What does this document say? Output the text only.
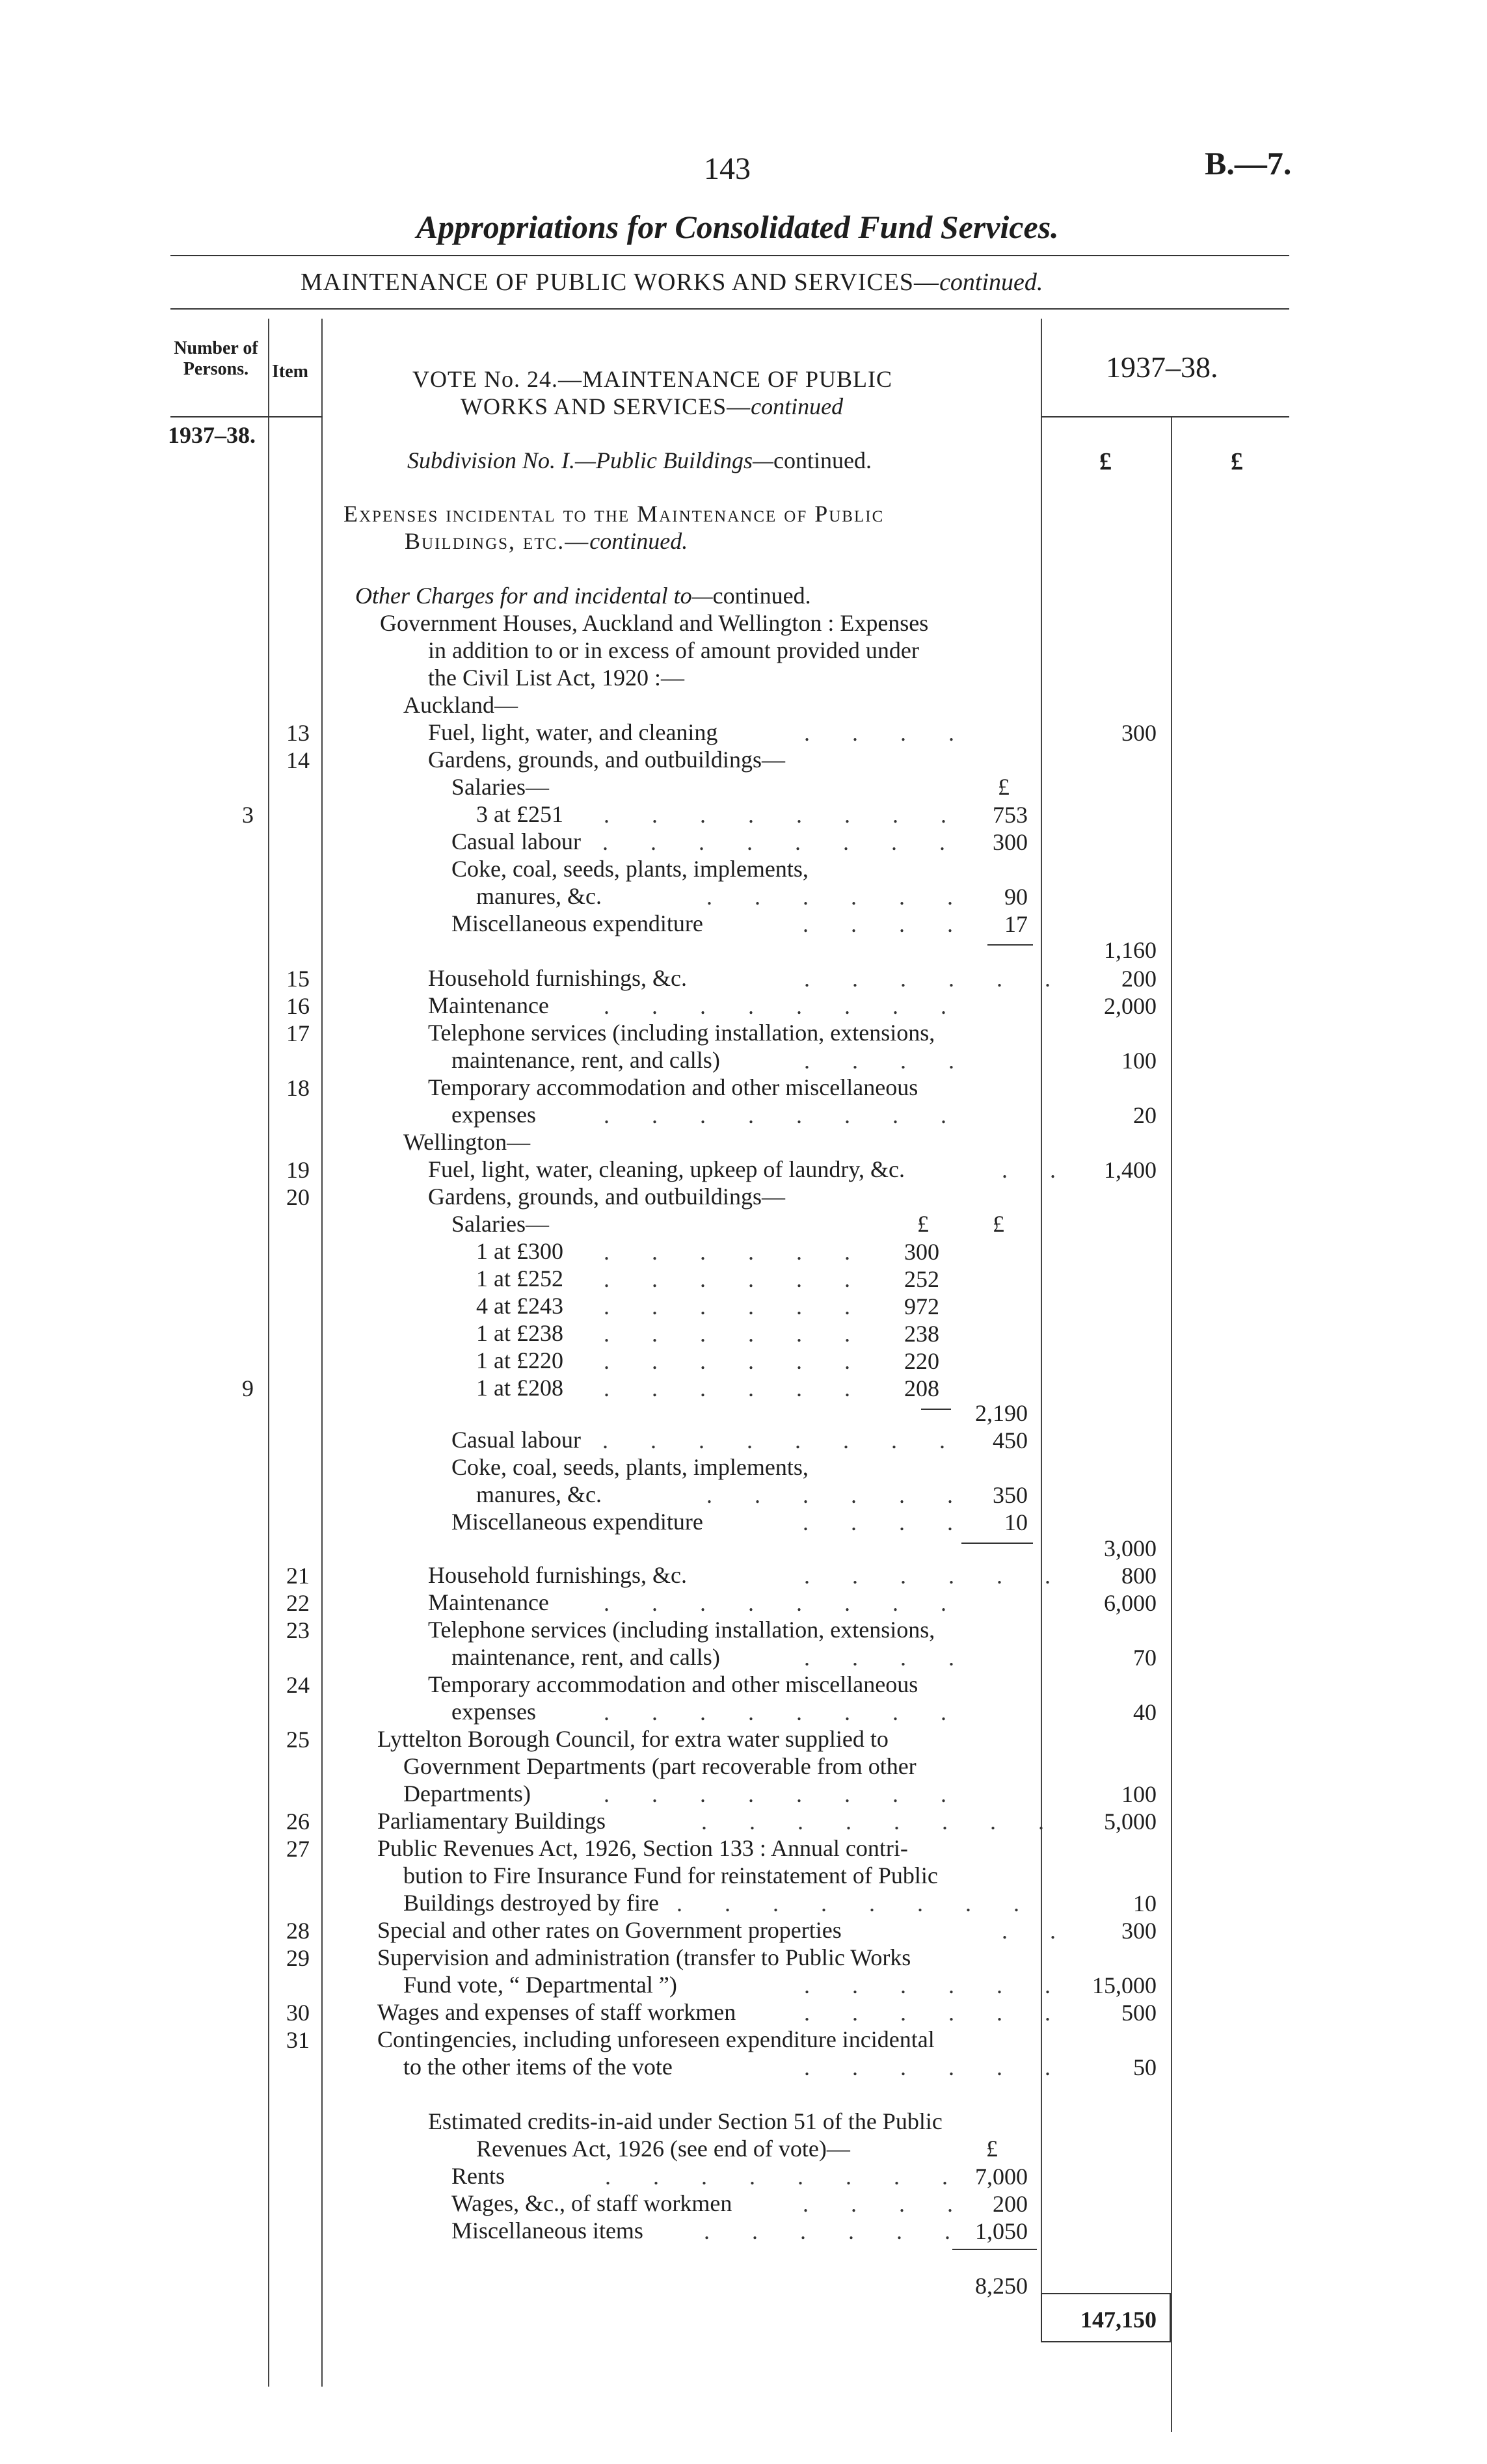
143	B.—7.
Appropriations for Consolidated Fund Services.
MAINTENANCE OF PUBLIC WORKS AND SERVICES—continued.
Number of Persons.	Item	1937–38.
1937–38.
£	£
VOTE No. 24.—MAINTENANCE OF PUBLIC
WORKS AND SERVICES—continued
Subdivision No. I.—Public Buildings—continued.
Expenses incidental to the Maintenance of Public
Buildings, etc.—continued.
Other Charges for and incidental to—continued.
Government Houses, Auckland and Wellington : Expenses
in addition to or in excess of amount provided under
the Civil List Act, 1920 :—
Auckland—
13	Fuel, light, water, and cleaning	. . . .	300
14	Gardens, grounds, and outbuildings—
Salaries—	£
3	3 at £251 . . . . . . . .	753
Casual labour . . . . . . . .	300
Coke, coal, seeds, plants, implements,
manures, &c.	. . . . . .	90
Miscellaneous expenditure	. . . .	17
1,160
15	Household furnishings, &c.	. . . . . .	200
16	Maintenance . . . . . . . .	2,000
17	Telephone services (including installation, extensions,
maintenance, rent, and calls)	. . . .	100
18	Temporary accommodation and other miscellaneous
expenses	. . . . . . . .	20
Wellington—
19	Fuel, light, water, cleaning, upkeep of laundry, &c.	. .	1,400
20	Gardens, grounds, and outbuildings—
Salaries—	£	£
1 at £300 . . . . . .	300
1 at £252 . . . . . .	252
4 at £243 . . . . . .	972
1 at £238 . . . . . .	238
1 at £220 . . . . . .	220
1 at £208 . . . . . .	208
9
2,190
Casual labour . . . . . . . .	450
Coke, coal, seeds, plants, implements,
manures, &c.	. . . . . . 350
Miscellaneous expenditure	. . . .	10
3,000
21	Household furnishings, &c.	. . . . . .	800
22	Maintenance . . . . . . . .	6,000
23	Telephone services (including installation, extensions,
maintenance, rent, and calls)	. . . .	70
24	Temporary accommodation and other miscellaneous
expenses	. . . . . . . .	40
25	Lyttelton Borough Council, for extra water supplied to
Government Departments (part recoverable from other
Departments)	. . . . . . . .	100
26	Parliamentary Buildings	. . . . . . . .	5,000
27	Public Revenues Act, 1926, Section 133 : Annual contri-
bution to Fire Insurance Fund for reinstatement of Public
Buildings destroyed by fire . . . . . . . .	10
28	Special and other rates on Government properties	. .	300
29	Supervision and administration (transfer to Public Works
Fund vote, “ Departmental ”)	. . . . . .	15,000
30	Wages and expenses of staff workmen	. . . . . .	500
31	Contingencies, including unforeseen expenditure incidental
to the other items of the vote	. . . . . .	50
Estimated credits-in-aid under Section 51 of the Public
Revenues Act, 1926 (see end of vote)—	£
Rents	. . . . . . . . 7,000
Wages, &c., of staff workmen	. . . . 200
Miscellaneous items	. . . . . . 1,050
8,250
147,150
